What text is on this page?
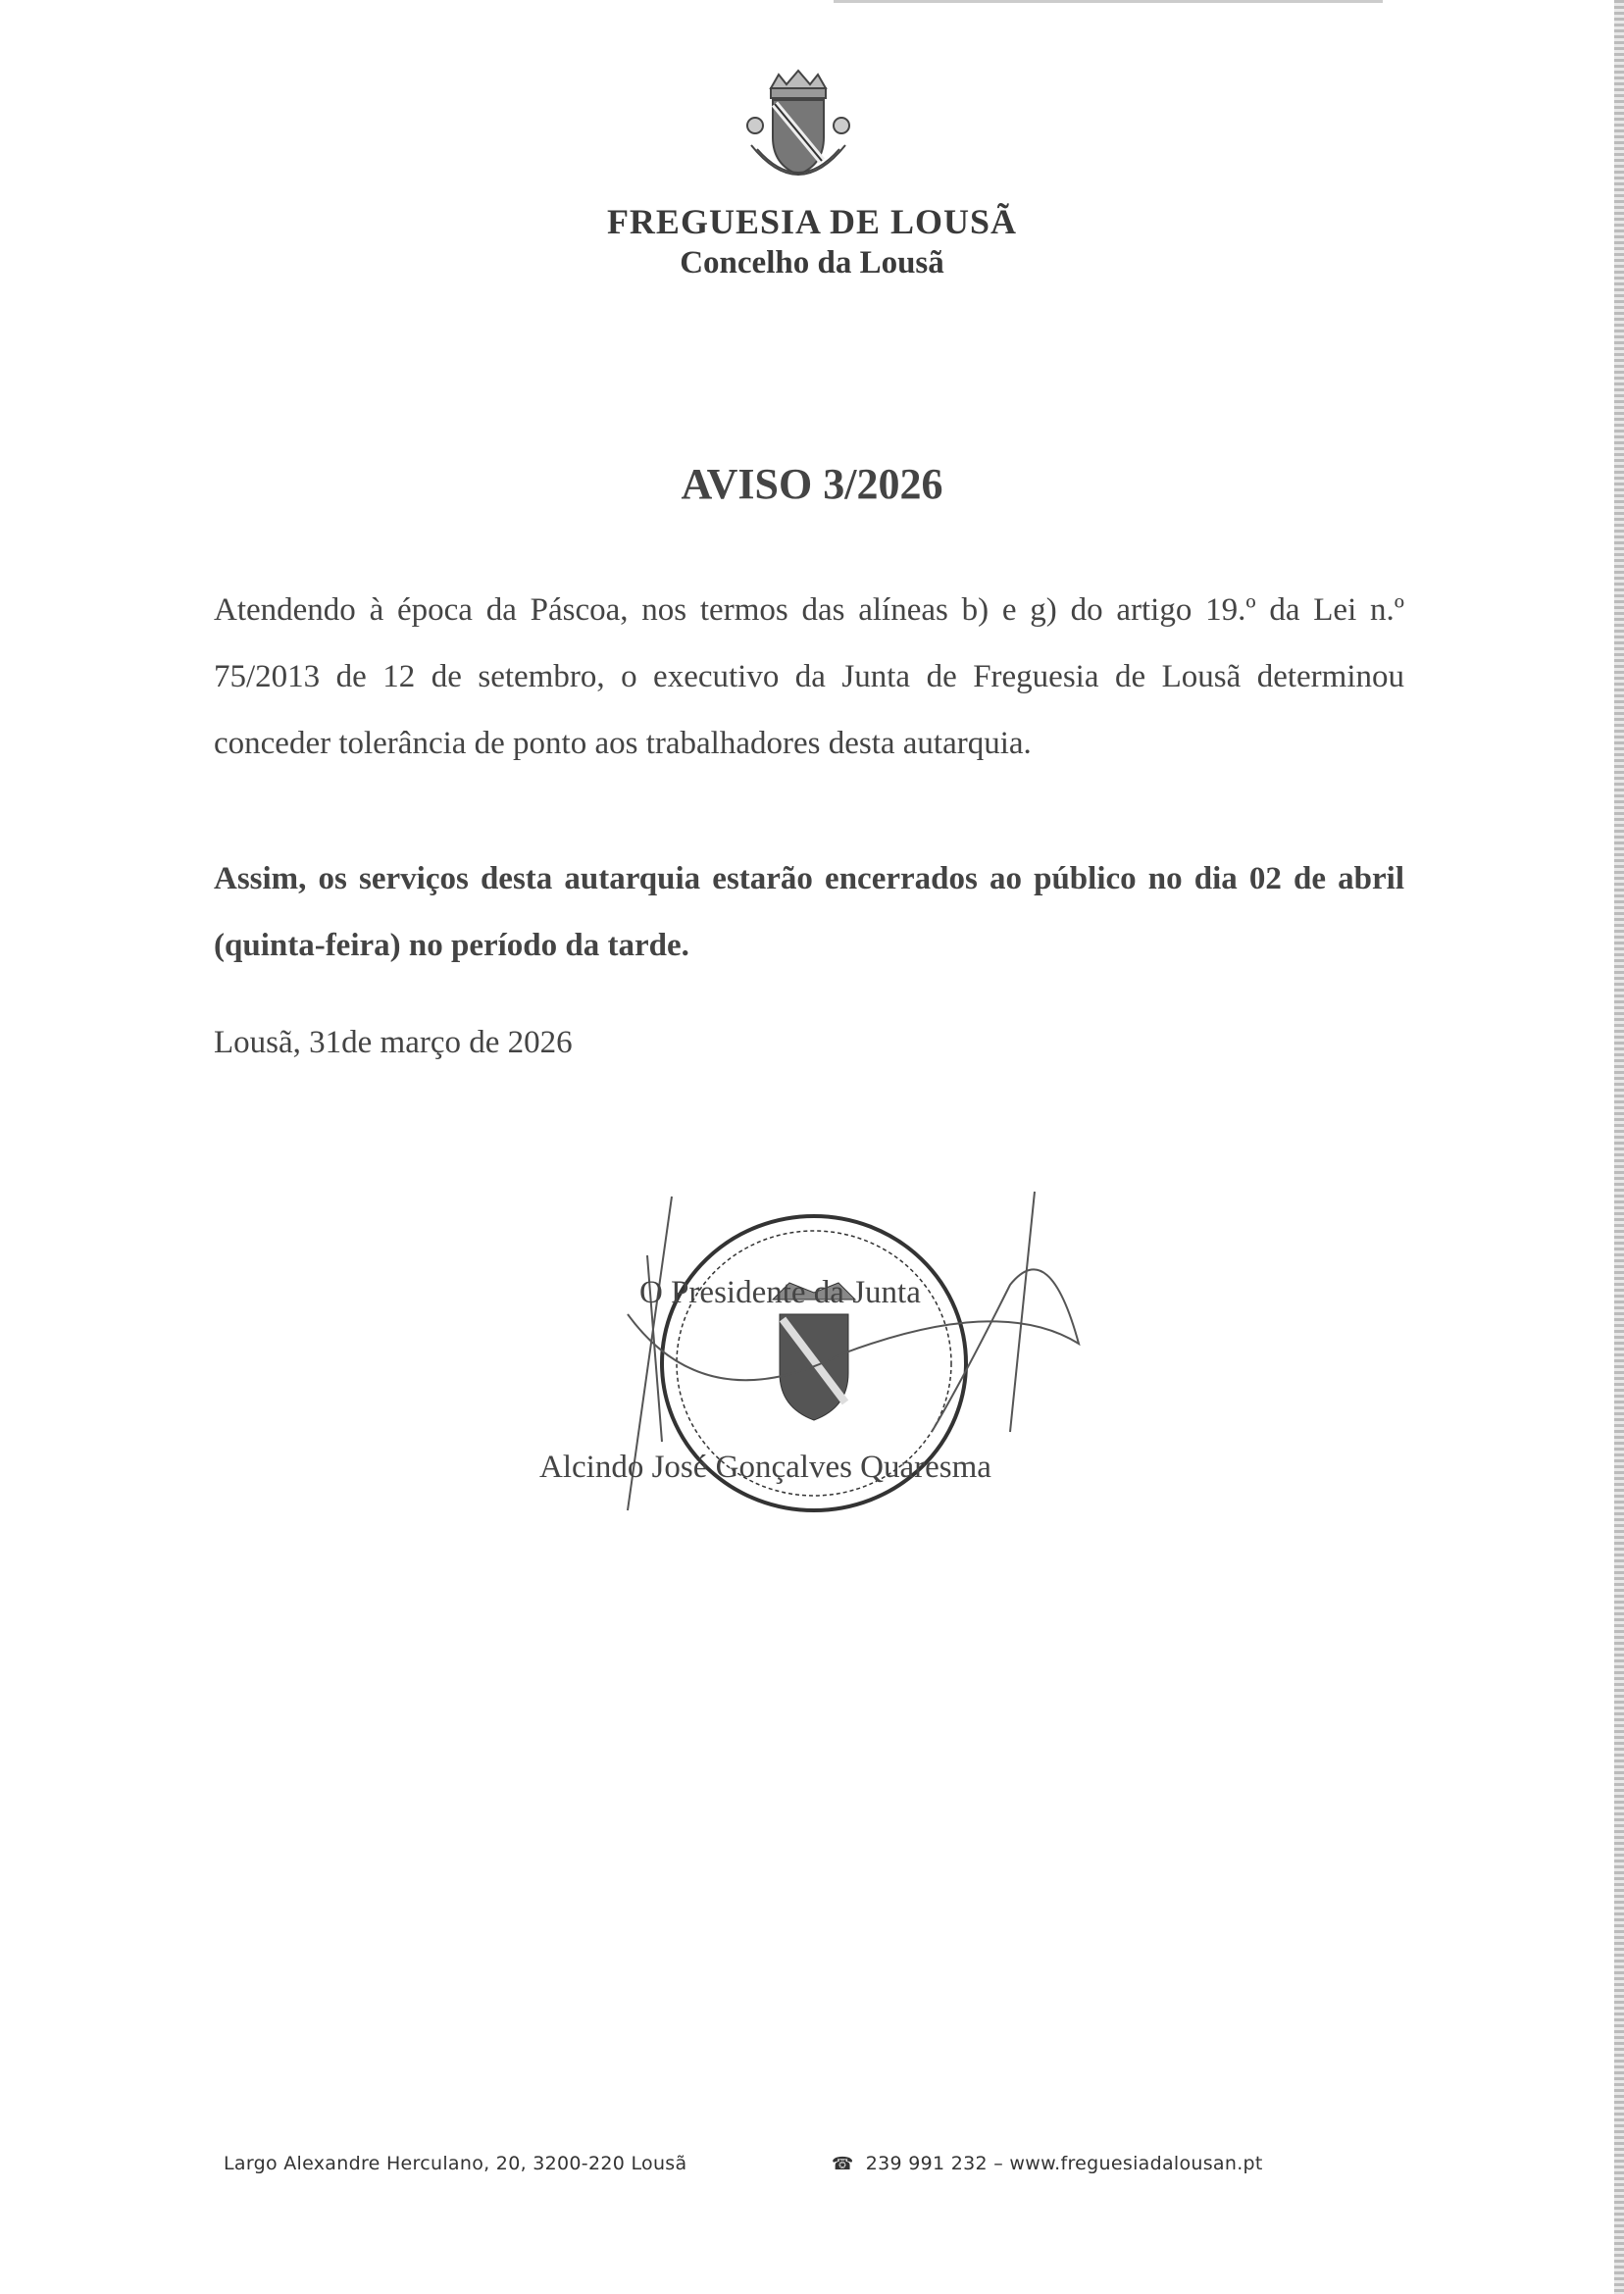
FREGUESIA DE LOUSÃ
Concelho da Lousã
AVISO 3/2026
Atendendo à época da Páscoa, nos termos das alíneas b) e g) do artigo 19.º da Lei n.º 75/2013 de 12 de setembro, o executivo da Junta de Freguesia de Lousã determinou conceder tolerância de ponto aos trabalhadores desta autarquia.
Assim, os serviços desta autarquia estarão encerrados ao público no dia 02 de abril (quinta-feira) no período da tarde.
Lousã, 31de março de 2026
O Presidente da Junta
Alcindo José Gonçalves Quaresma
Largo Alexandre Herculano, 20, 3200-220 Lousã	☎ 239 991 232 – www.freguesiadalousan.pt
